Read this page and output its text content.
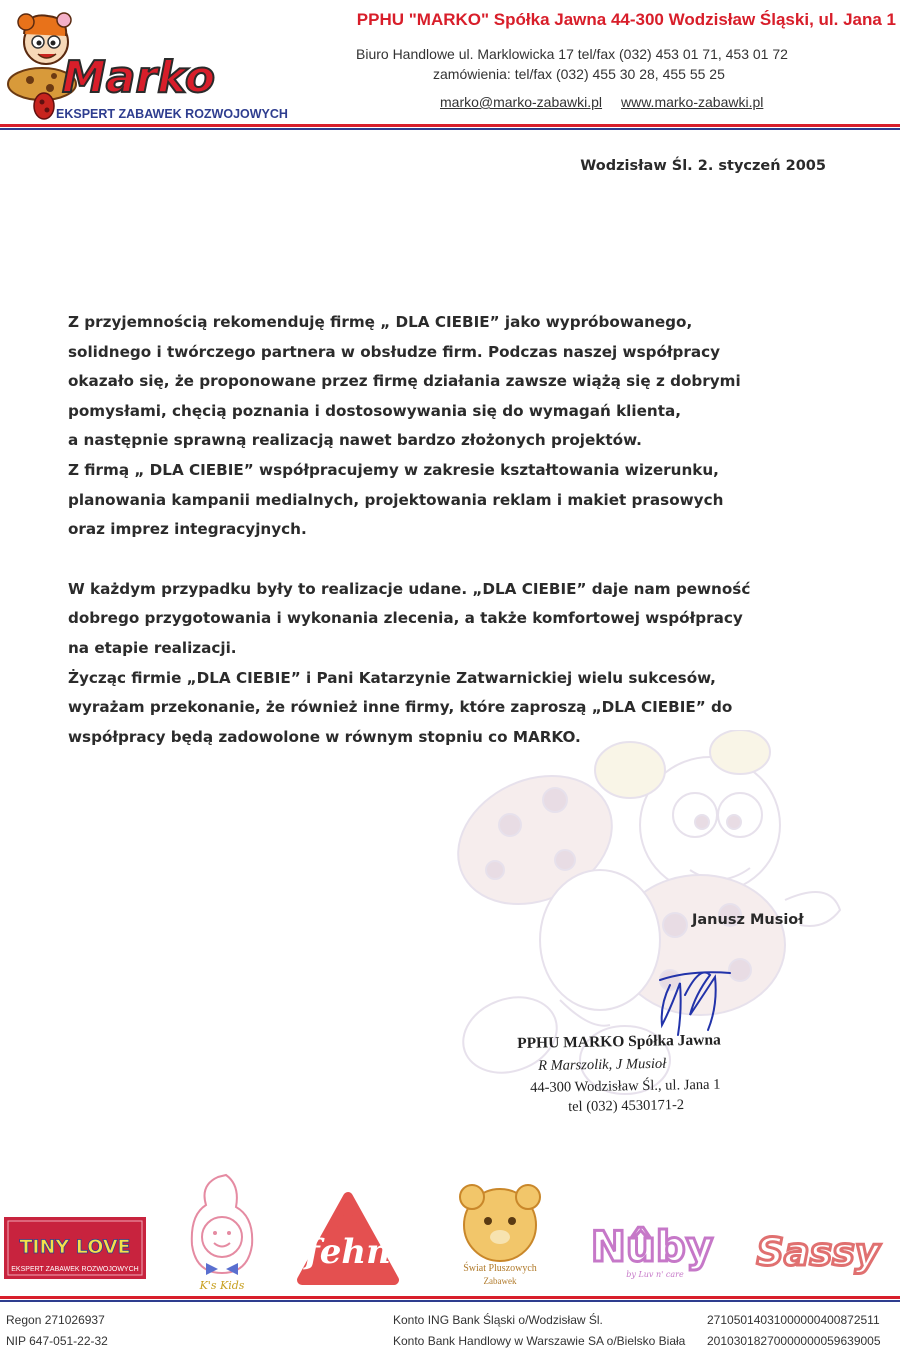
Marko
EKSPERT ZABAWEK ROZWOJOWYCH
PPHU "MARKO" Spółka Jawna 44-300 Wodzisław Śląski, ul. Jana 1
Biuro Handlowe ul. Marklowicka 17 tel/fax (032) 453 01 71, 453 01 72
zamówienia: tel/fax (032) 455 30 28, 455 55 25
marko@marko-zabawki.pl www.marko-zabawki.pl
Wodzisław Śl. 2. styczeń 2005
Z przyjemnością rekomenduję firmę „ DLA CIEBIE” jako wypróbowanego,
solidnego i twórczego partnera w obsłudze firm. Podczas naszej współpracy
okazało się, że proponowane przez firmę działania zawsze wiążą się z dobrymi
pomysłami, chęcią poznania i dostosowywania się do wymagań klienta,
a następnie sprawną realizacją nawet bardzo złożonych projektów.
Z firmą „ DLA CIEBIE” współpracujemy w zakresie kształtowania wizerunku,
planowania kampanii medialnych, projektowania reklam i makiet prasowych
oraz imprez integracyjnych.
W każdym przypadku były to realizacje udane. „DLA CIEBIE” daje nam pewność
dobrego przygotowania i wykonania zlecenia, a także komfortowej współpracy
na etapie realizacji.
Życząc firmie „DLA CIEBIE” i Pani Katarzynie Zatwarnickiej wielu sukcesów,
wyrażam przekonanie, że również inne firmy, które zaproszą „DLA CIEBIE” do
współpracy będą zadowolone w równym stopniu co MARKO.
Janusz Musioł
PPHU MARKO Spółka Jawna
R Marszolik, J Musioł
44-300 Wodzisław Śl., ul. Jana 1
tel (032) 4530171-2
TINY LOVE
EKSPERT ZABAWEK ROZWOJOWYCH
K's Kids
fehn	Świat Pluszowych
Zabawek
Nûby
by Luv n' care
Sassy
Regon 271026937
NIP 647-051-22-32
Konto ING Bank Śląski o/Wodzisław Śl.
Konto Bank Handlowy w Warszawie SA o/Bielsko Biała
27105014031000000400872511
20103018270000000059639005
